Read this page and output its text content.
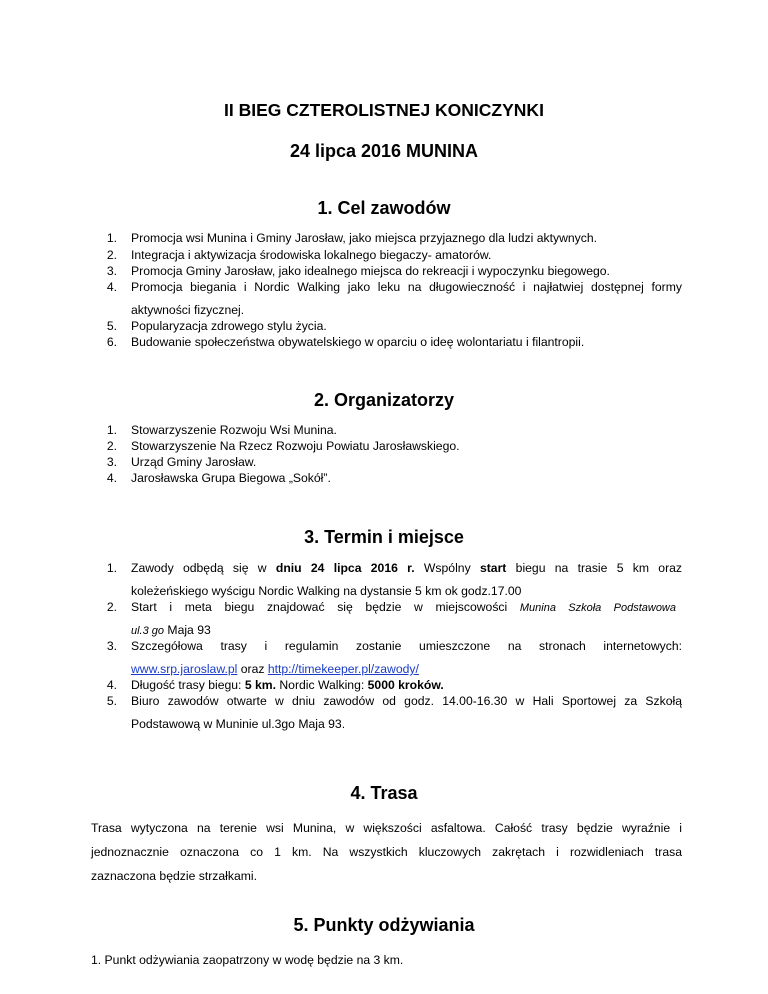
II BIEG CZTEROLISTNEJ KONICZYNKI
24 lipca 2016 MUNINA
1. Cel zawodów
1. Promocja wsi Munina i Gminy Jarosław, jako miejsca przyjaznego dla ludzi aktywnych.
2. Integracja i aktywizacja środowiska lokalnego biegaczy- amatorów.
3. Promocja Gminy Jarosław, jako idealnego miejsca do rekreacji i wypoczynku biegowego.
4. Promocja biegania i Nordic Walking jako leku na długowieczność i najłatwiej dostępnej formy
aktywności fizycznej.
5. Popularyzacja zdrowego stylu życia.
6. Budowanie społeczeństwa obywatelskiego w oparciu o ideę wolontariatu i filantropii.
2. Organizatorzy
1. Stowarzyszenie Rozwoju Wsi Munina.
2. Stowarzyszenie Na Rzecz Rozwoju Powiatu Jarosławskiego.
3. Urząd Gminy Jarosław.
4. Jarosławska Grupa Biegowa „Sokół”.
3. Termin i miejsce
1. Zawody odbędą się w dniu 24 lipca 2016 r. Wspólny start biegu na trasie 5 km oraz
koleżeńskiego wyścigu Nordic Walking na dystansie 5 km ok godz.17.00
2. Start i meta biegu znajdować się będzie w miejscowości Munina Szkoła Podstawowa
ul.3 go Maja 93
3. Szczegółowa trasy i regulamin zostanie umieszczone na stronach internetowych:
www.srp.jaroslaw.pl oraz http://timekeeper.pl/zawody/
4. Długość trasy biegu: 5 km. Nordic Walking: 5000 kroków.
5. Biuro zawodów otwarte w dniu zawodów od godz. 14.00-16.30 w Hali Sportowej za Szkołą
Podstawową w Muninie ul.3go Maja 93.
4. Trasa
Trasa wytyczona na terenie wsi Munina, w większości asfaltowa. Całość trasy będzie wyraźnie i
jednoznacznie oznaczona co 1 km. Na wszystkich kluczowych zakrętach i rozwidleniach trasa
zaznaczona będzie strzałkami.
5. Punkty odżywiania
1. Punkt odżywiania zaopatrzony w wodę będzie na 3 km.
